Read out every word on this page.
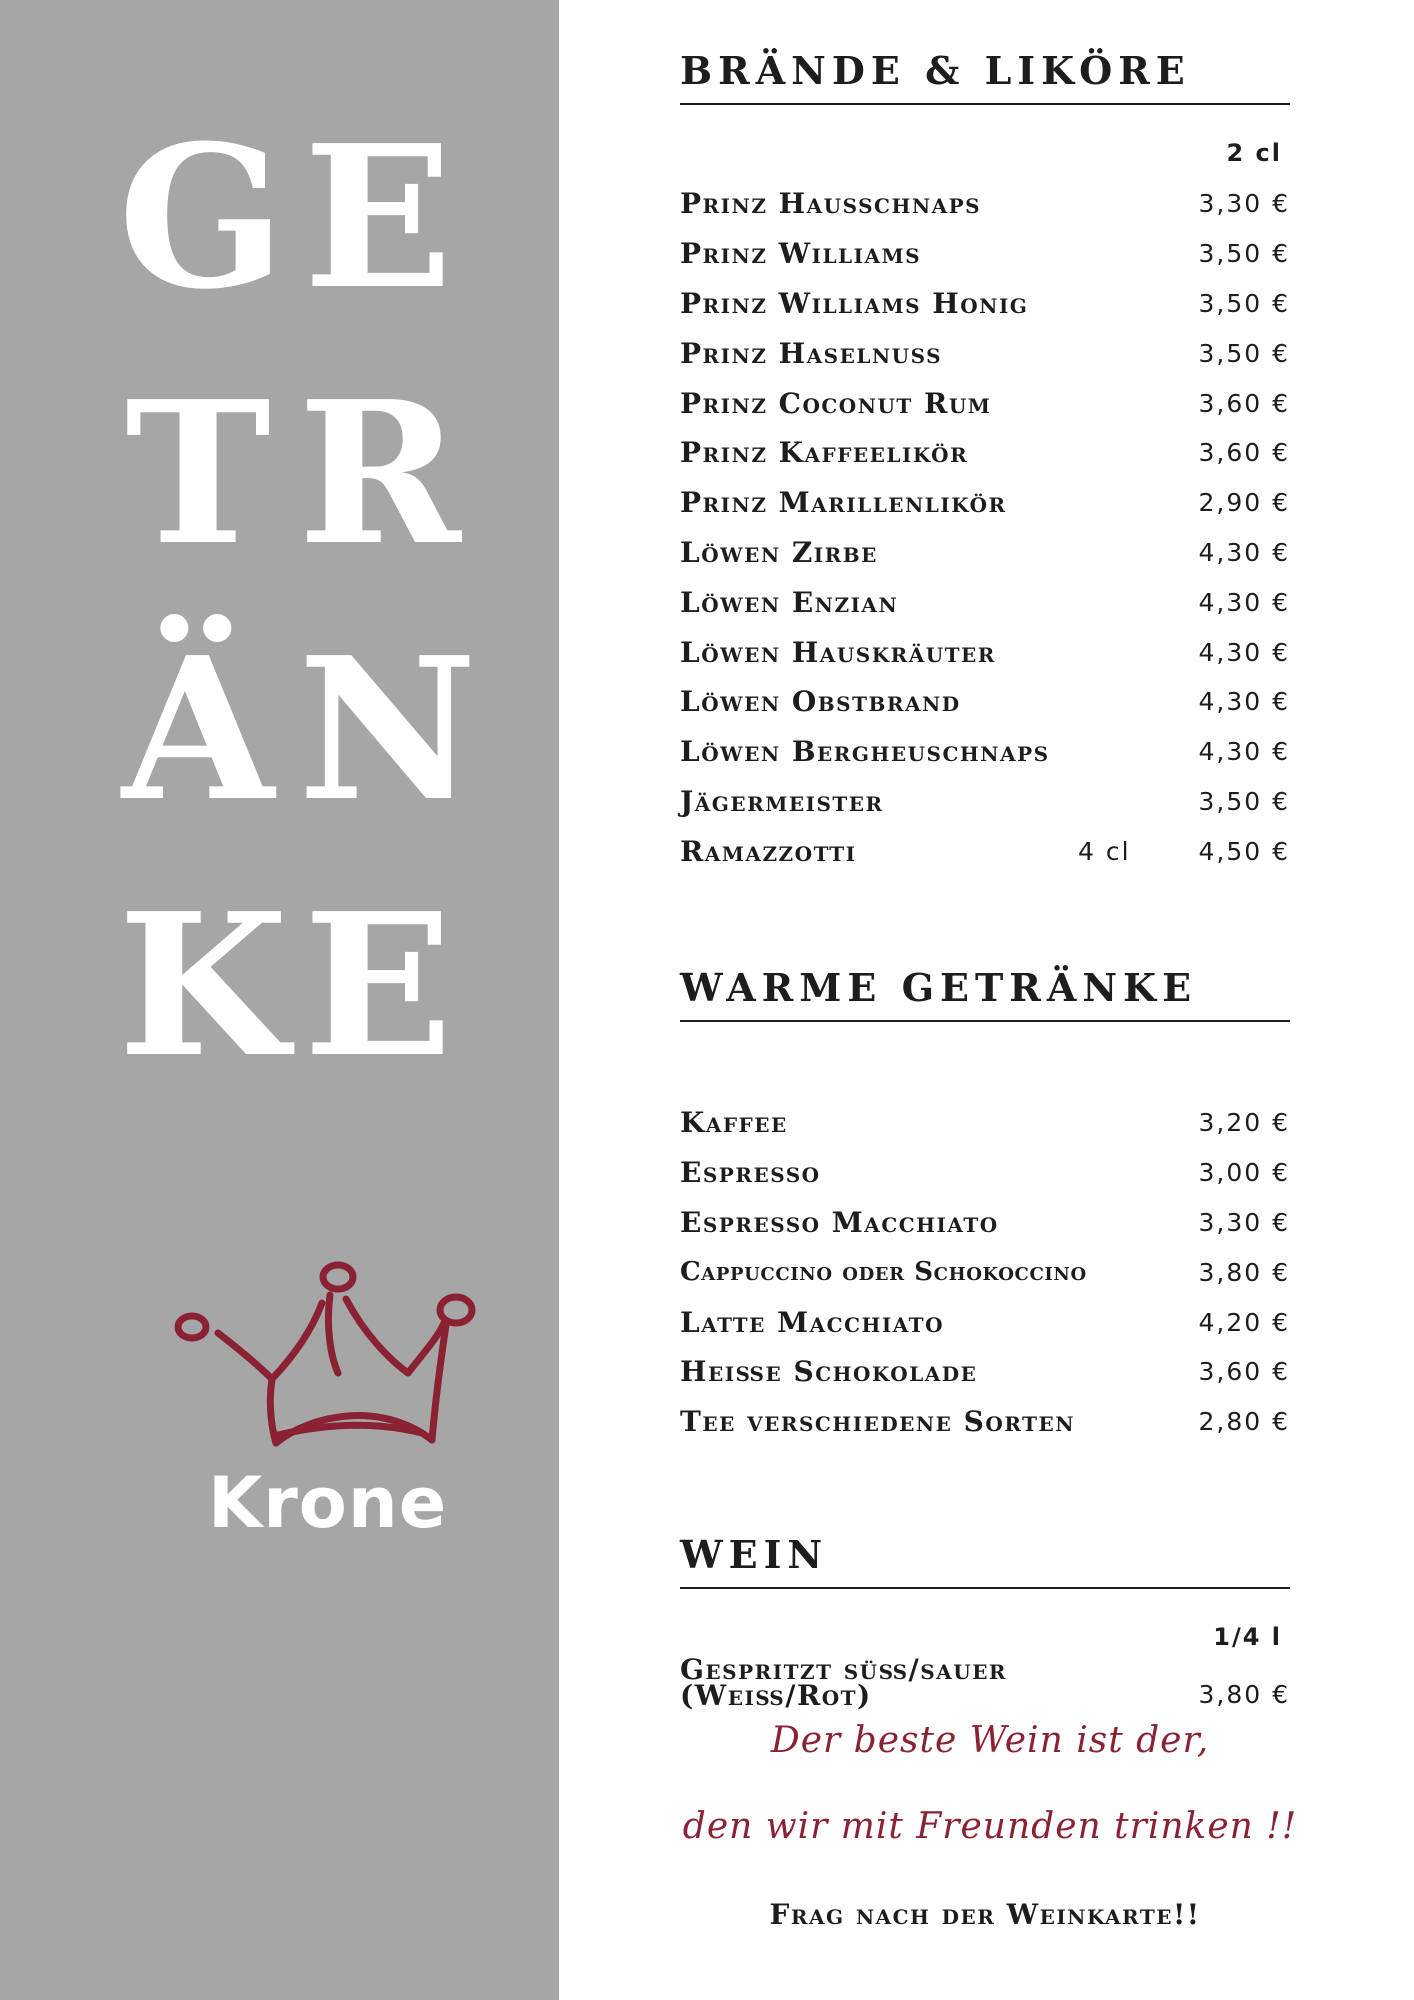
G E
T R
Ä N
K E
Krone
BRÄNDE & LIKÖRE
2 cl
Prinz Hausschnaps	3,30 €
Prinz Williams	3,50 €
Prinz Williams Honig	3,50 €
Prinz Haselnuss	3,50 €
Prinz Coconut Rum	3,60 €
Prinz Kaffeelikör	3,60 €
Prinz Marillenlikör	2,90 €
Löwen Zirbe	4,30 €
Löwen Enzian	4,30 €
Löwen Hauskräuter	4,30 €
Löwen Obstbrand	4,30 €
Löwen Bergheuschnaps	4,30 €
Jägermeister	3,50 €
Ramazzotti	4 cl	4,50 €
WARME GETRÄNKE
Kaffee	3,20 €
Espresso	3,00 €
Espresso Macchiato	3,30 €
Cappuccino oder Schokoccino	3,80 €
Latte Macchiato	4,20 €
Heiße Schokolade	3,60 €
Tee verschiedene Sorten	2,80 €
WEIN
1/4 l
Gespritzt süß/sauer
(Weiß/Rot)	3,80 €
Der beste Wein ist der,
den wir mit Freunden trinken !!
Frag nach der Weinkarte!!
